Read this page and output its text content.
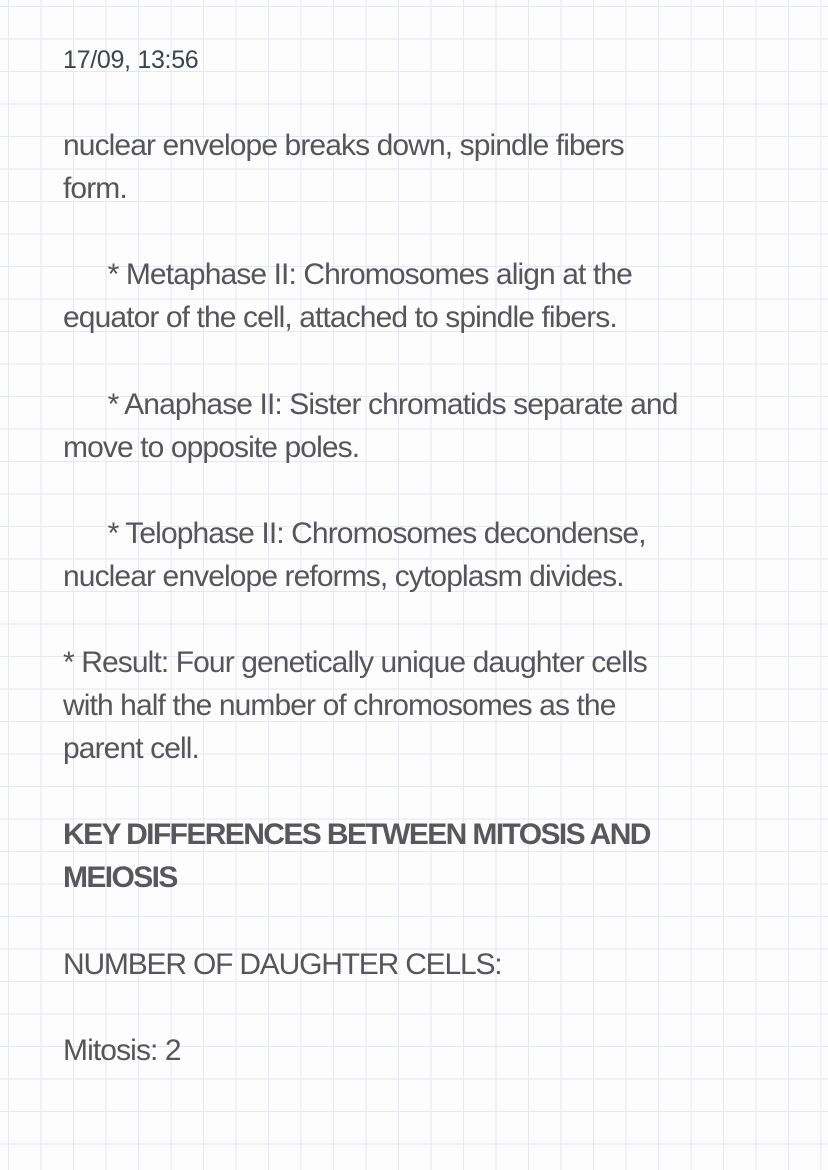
17/09, 13:56

nuclear envelope breaks down, spindle fibers
form.

* Metaphase II: Chromosomes align at the
equator of the cell, attached to spindle fibers.

* Anaphase II: Sister chromatids separate and
move to opposite poles.

* Telophase II: Chromosomes decondense,
nuclear envelope reforms, cytoplasm divides.

* Result: Four genetically unique daughter cells
with half the number of chromosomes as the
parent cell.

KEY DIFFERENCES BETWEEN MITOSIS AND
MEIOSIS

NUMBER OF DAUGHTER CELLS:

Mitosis: 2
